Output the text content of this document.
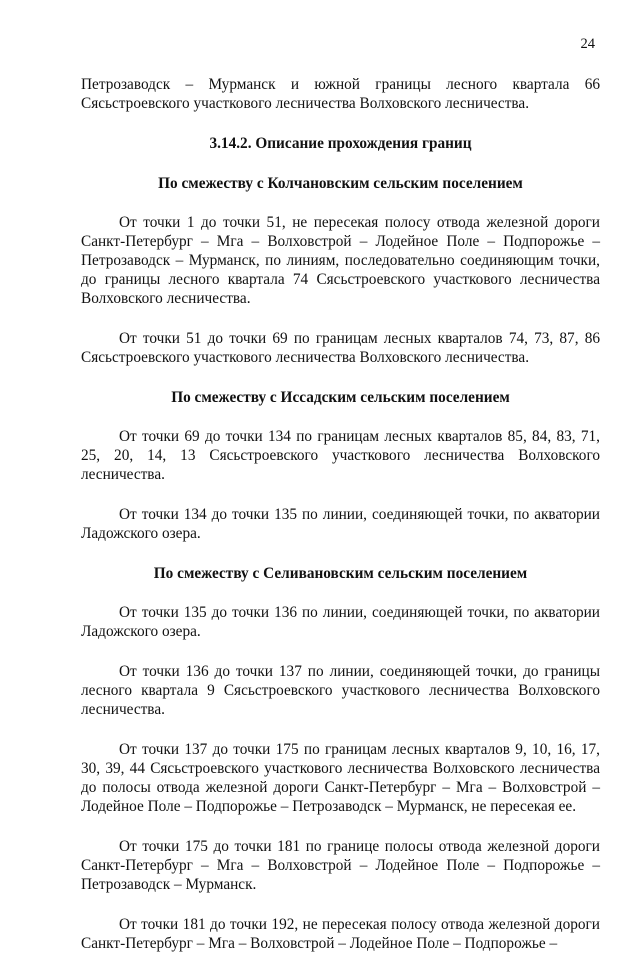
24

Петрозаводск – Мурманск и южной границы лесного квартала 66 Сясьстроевского участкового лесничества Волховского лесничества.

3.14.2. Описание прохождения границ
По смежеству с Колчановским сельским поселением

От точки 1 до точки 51, не пересекая полосу отвода железной дороги Санкт-Петербург – Мга – Волховстрой – Лодейное Поле – Подпорожье – Петрозаводск – Мурманск, по линиям, последовательно соединяющим точки, до границы лесного квартала 74 Сясьстроевского участкового лесничества Волховского лесничества.

От точки 51 до точки 69 по границам лесных кварталов 74, 73, 87, 86 Сясьстроевского участкового лесничества Волховского лесничества.

По смежеству с Иссадским сельским поселением

От точки 69 до точки 134 по границам лесных кварталов 85, 84, 83, 71, 25, 20, 14, 13 Сясьстроевского участкового лесничества Волховского лесничества.

От точки 134 до точки 135 по линии, соединяющей точки, по акватории Ладожского озера.

По смежеству с Селивановским сельским поселением

От точки 135 до точки 136 по линии, соединяющей точки, по акватории Ладожского озера.

От точки 136 до точки 137 по линии, соединяющей точки, до границы лесного квартала 9 Сясьстроевского участкового лесничества Волховского лесничества.

От точки 137 до точки 175 по границам лесных кварталов 9, 10, 16, 17, 30, 39, 44 Сясьстроевского участкового лесничества Волховского лесничества до полосы отвода железной дороги Санкт-Петербург – Мга – Волховстрой – Лодейное Поле – Подпорожье – Петрозаводск – Мурманск, не пересекая ее.

От точки 175 до точки 181 по границе полосы отвода железной дороги Санкт-Петербург – Мга – Волховстрой – Лодейное Поле – Подпорожье – Петрозаводск – Мурманск.

От точки 181 до точки 192, не пересекая полосу отвода железной дороги Санкт-Петербург – Мга – Волховстрой – Лодейное Поле – Подпорожье –
